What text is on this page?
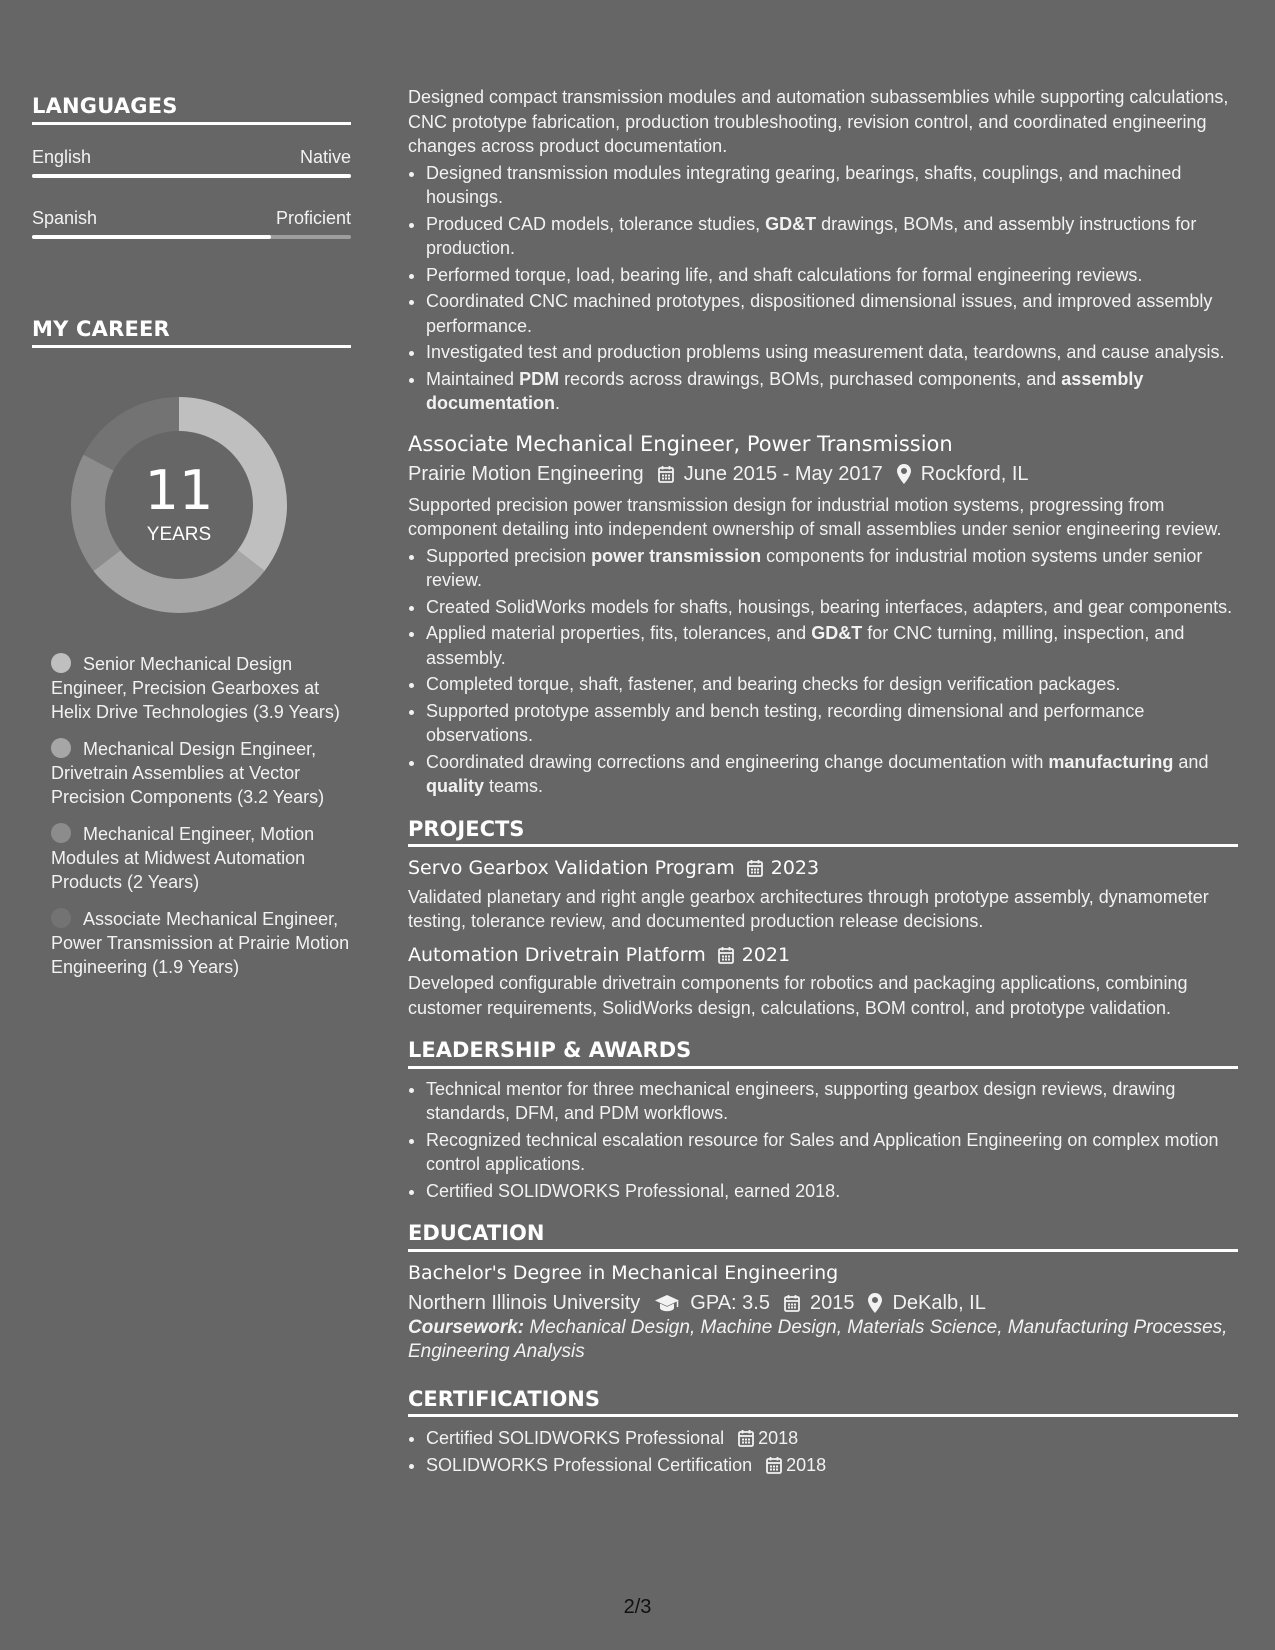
LANGUAGES
English	Native
Spanish	Proficient
MY CAREER
11
YEARS
Senior Mechanical Design Engineer, Precision Gearboxes at Helix Drive Technologies (3.9 Years)
Mechanical Design Engineer, Drivetrain Assemblies at Vector Precision Components (3.2 Years)
Mechanical Engineer, Motion Modules at Midwest Automation Products (2 Years)
Associate Mechanical Engineer, Power Transmission at Prairie Motion Engineering (1.9 Years)

Designed compact transmission modules and automation subassemblies while supporting calculations, CNC prototype fabrication, production troubleshooting, revision control, and coordinated engineering changes across product documentation.

• Designed transmission modules integrating gearing, bearings, shafts, couplings, and machined housings.
• Produced CAD models, tolerance studies, GD&T drawings, BOMs, and assembly instructions for production.
• Performed torque, load, bearing life, and shaft calculations for formal engineering reviews.
• Coordinated CNC machined prototypes, dispositioned dimensional issues, and improved assembly performance.
• Investigated test and production problems using measurement data, teardowns, and cause analysis.
• Maintained PDM records across drawings, BOMs, purchased components, and assembly documentation.
Associate Mechanical Engineer, Power Transmission
Prairie Motion Engineering June 2015 - May 2017 Rockford, IL

Supported precision power transmission design for industrial motion systems, progressing from component detailing into independent ownership of small assemblies under senior engineering review.

• Supported precision power transmission components for industrial motion systems under senior review.
• Created SolidWorks models for shafts, housings, bearing interfaces, adapters, and gear components.
• Applied material properties, fits, tolerances, and GD&T for CNC turning, milling, inspection, and assembly.
• Completed torque, shaft, fastener, and bearing checks for design verification packages.
• Supported prototype assembly and bench testing, recording dimensional and performance observations.
• Coordinated drawing corrections and engineering change documentation with manufacturing and quality teams.
PROJECTS
Servo Gearbox Validation Program 2023

Validated planetary and right angle gearbox architectures through prototype assembly, dynamometer testing, tolerance review, and documented production release decisions.

Automation Drivetrain Platform 2021

Developed configurable drivetrain components for robotics and packaging applications, combining customer requirements, SolidWorks design, calculations, BOM control, and prototype validation.

LEADERSHIP & AWARDS
• Technical mentor for three mechanical engineers, supporting gearbox design reviews, drawing standards, DFM, and PDM workflows.
• Recognized technical escalation resource for Sales and Application Engineering on complex motion control applications.
• Certified SOLIDWORKS Professional, earned 2018.
EDUCATION
Bachelor's Degree in Mechanical Engineering
Northern Illinois University	GPA: 3.5 2015 DeKalb, IL

Coursework: Mechanical Design, Machine Design, Materials Science, Manufacturing Processes, Engineering Analysis

CERTIFICATIONS
• Certified SOLIDWORKS Professional 2018
• SOLIDWORKS Professional Certification 2018
2/3
